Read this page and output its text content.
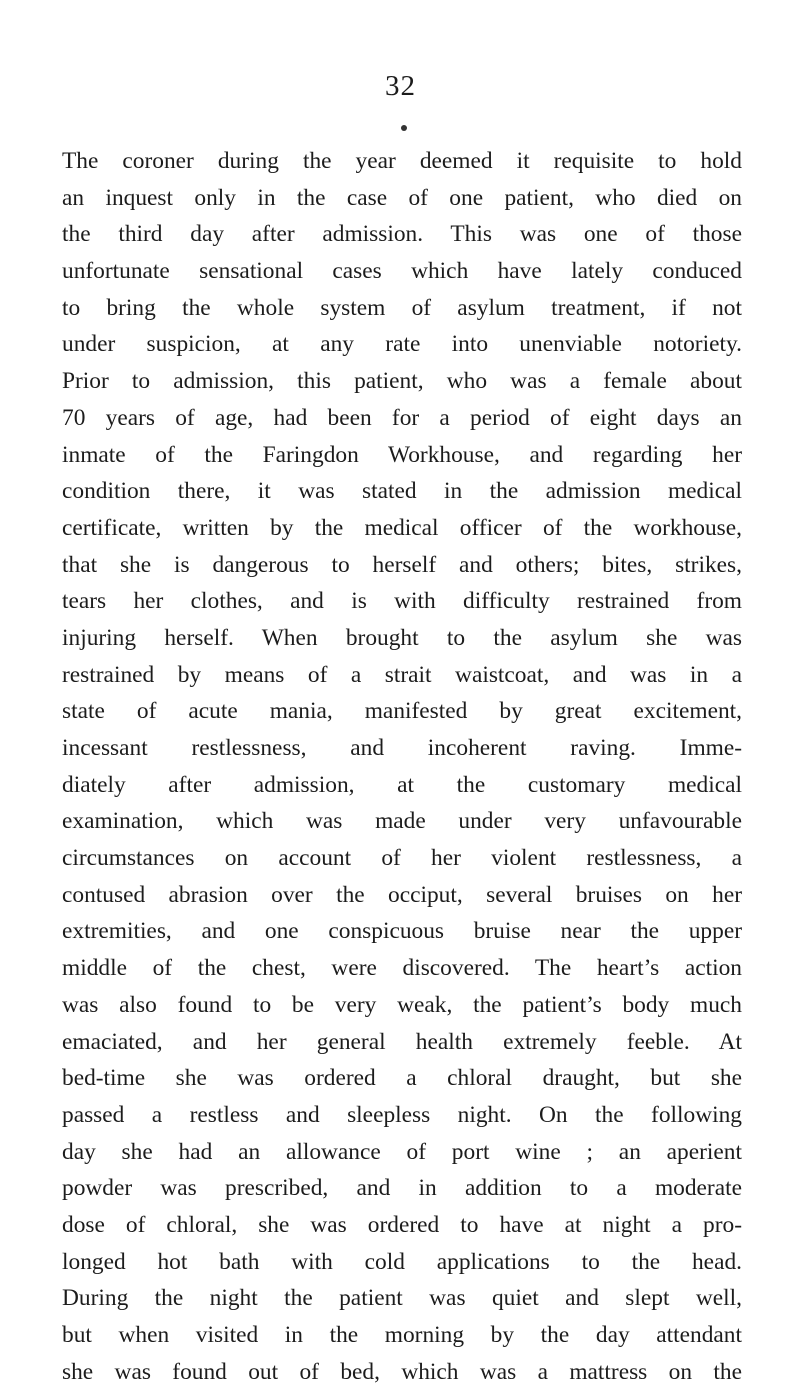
32
The coroner during the year deemed it requisite to hold
an inquest only in the case of one patient, who died on
the third day after admission. This was one of those
unfortunate sensational cases which have lately conduced
to bring the whole system of asylum treatment, if not
under suspicion, at any rate into unenviable notoriety.
Prior to admission, this patient, who was a female about
70 years of age, had been for a period of eight days an
inmate of the Faringdon Workhouse, and regarding her
condition there, it was stated in the admission medical
certificate, written by the medical officer of the workhouse,
that she is dangerous to herself and others; bites, strikes,
tears her clothes, and is with difficulty restrained from
injuring herself. When brought to the asylum she was
restrained by means of a strait waistcoat, and was in a
state of acute mania, manifested by great excitement,
incessant restlessness, and incoherent raving. Imme-
diately after admission, at the customary medical
examination, which was made under very unfavourable
circumstances on account of her violent restlessness, a
contused abrasion over the occiput, several bruises on her
extremities, and one conspicuous bruise near the upper
middle of the chest, were discovered. The heart’s action
was also found to be very weak, the patient’s body much
emaciated, and her general health extremely feeble. At
bed-time she was ordered a chloral draught, but she
passed a restless and sleepless night. On the following
day she had an allowance of port wine ; an aperient
powder was prescribed, and in addition to a moderate
dose of chloral, she was ordered to have at night a pro-
longed hot bath with cold applications to the head.
During the night the patient was quiet and slept well,
but when visited in the morning by the day attendant
she was found out of bed, which was a mattress on the
